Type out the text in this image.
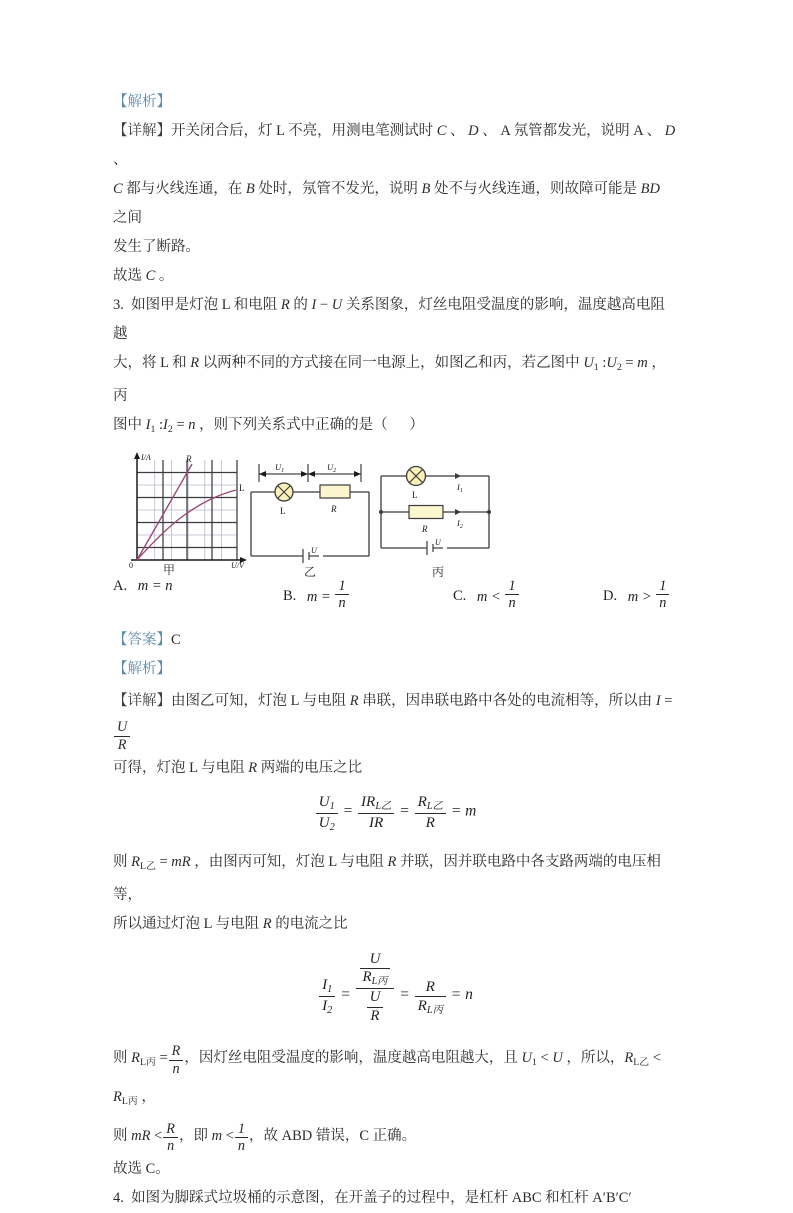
【解析】
【详解】开关闭合后，灯 L 不亮，用测电笔测试时 C 、 D 、 A 氖管都发光，说明 A 、 D 、
C 都与火线连通，在 B 处时，氖管不发光，说明 B 处不与火线连通，则故障可能是 BD 之间
发生了断路。
故选 C 。
3.  如图甲是灯泡 L 和电阻 R 的 I − U 关系图象，灯丝电阻受温度的影响，温度越高电阻越
大，将 L 和 R 以两种不同的方式接在同一电源上，如图乙和丙，若乙图中 $U_1$ $:U_2 = m$ ，丙
图中 $I_1$ $:I_2 = n$ ，则下列关系式中正确的是（      ）
I/A
U/V
0
R
L
甲
$U_1$	$U_2$
L	R
U
乙
L
R
$I_1$
$I_2$
U
丙
A. m = n
B. $m = \frac{1}{n}$	C. $m < \frac{1}{n}$	D. $m > \frac{1}{n}$
【答案】C
【解析】
【详解】由图乙可知，灯泡 L 与电阻 R 串联，因串联电路中各处的电流相等，所以由 I =
$\frac{U}{R}$
可得，灯泡 L 与电阻 R 两端的电压之比
$\frac{U_1}{U_2} = \frac{IR_{L乙}}{IR} = \frac{R_{L乙}}{R} = m$
则 $R_{L乙}$ = mR ，由图丙可知，灯泡 L 与电阻 R 并联，因并联电路中各支路两端的电压相等，
所以通过灯泡 L 与电阻 R 的电流之比
$\frac{I_1}{I_2} = \frac{\frac{U}{R_{L丙}}}{\frac{U}{R}} = \frac{R}{R_{L丙}} = n$
则 $R_{L丙} = \frac{R}{n}$ ，因灯丝电阻受温度的影响，温度越高电阻越大，且 $U_1 < U$ ，所以，$R_{L乙} < R_{L丙}$ ，
则 mR < $\frac{R}{n}$ ，即 $m < \frac{1}{n}$ ，故 ABD 错误，C 正确。
故选 C。
4.  如图为脚踩式垃圾桶的示意图，在开盖子的过程中，是杠杆 ABC 和杠杆 A′B′C′
